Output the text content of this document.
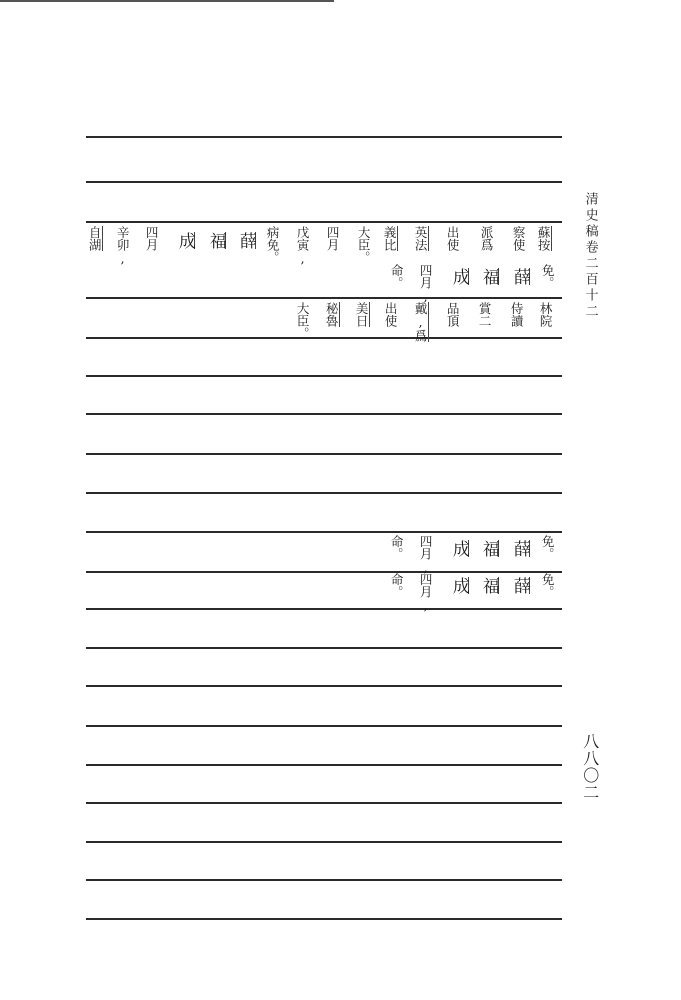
清史稿卷二百十二
八八〇二
蘇按
察使
派爲
出使
英法
義比
大臣。
四月
戊寅,
病免。
薛
福
成
四月
辛卯,
自湖
免。
薛
福
成
四月,
命。
林院
侍讀
賞二
品頂
戴,爲
出使
美日
秘魯
大臣。
免。
薛
福
成
四月,
命。
免。
薛
福
成
四月,
命。
